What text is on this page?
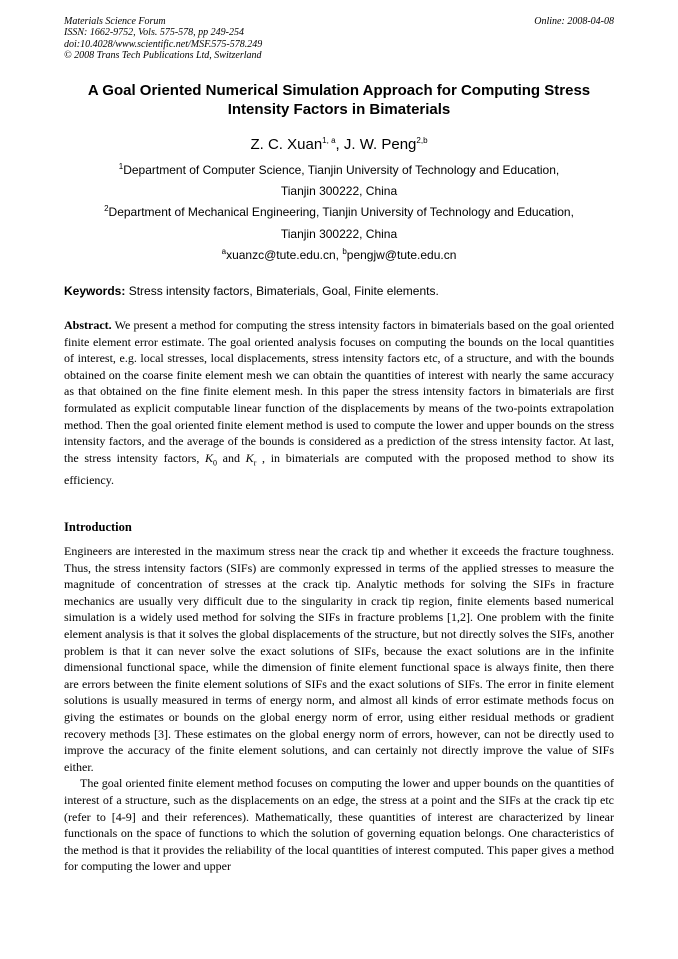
Materials Science Forum
ISSN: 1662-9752, Vols. 575-578, pp 249-254
doi:10.4028/www.scientific.net/MSF.575-578.249
© 2008 Trans Tech Publications Ltd, Switzerland
Online: 2008-04-08
A Goal Oriented Numerical Simulation Approach for Computing Stress Intensity Factors in Bimaterials
Z. C. Xuan$^{1, a}$, J. W. Peng$^{2,b}$
$^1$Department of Computer Science, Tianjin University of Technology and Education,
Tianjin 300222, China
$^2$Department of Mechanical Engineering, Tianjin University of Technology and Education,
Tianjin 300222, China
$^a$xuanzc@tute.edu.cn, $^b$pengjw@tute.edu.cn
Keywords: Stress intensity factors, Bimaterials, Goal, Finite elements.
Abstract. We present a method for computing the stress intensity factors in bimaterials based on the goal oriented finite element error estimate. The goal oriented analysis focuses on computing the bounds on the local quantities of interest, e.g. local stresses, local displacements, stress intensity factors etc, of a structure, and with the bounds obtained on the coarse finite element mesh we can obtain the quantities of interest with nearly the same accuracy as that obtained on the fine finite element mesh. In this paper the stress intensity factors in bimaterials are first formulated as explicit computable linear function of the displacements by means of the two-points extrapolation method. Then the goal oriented finite element method is used to compute the lower and upper bounds on the stress intensity factors, and the average of the bounds is considered as a prediction of the stress intensity factor. At last, the stress intensity factors, $K_0$ and $K_r$ , in bimaterials are computed with the proposed method to show its efficiency.
Introduction

Engineers are interested in the maximum stress near the crack tip and whether it exceeds the fracture toughness. Thus, the stress intensity factors (SIFs) are commonly expressed in terms of the applied stresses to measure the magnitude of concentration of stresses at the crack tip. Analytic methods for solving the SIFs in fracture mechanics are usually very difficult due to the singularity in crack tip region, finite elements based numerical simulation is a widely used method for solving the SIFs in fracture problems [1,2]. One problem with the finite element analysis is that it solves the global displacements of the structure, but not directly solves the SIFs, another problem is that it can never solve the exact solutions of SIFs, because the exact solutions are in the infinite dimensional functional space, while the dimension of finite element functional space is always finite, then there are errors between the finite element solutions of SIFs and the exact solutions of SIFs. The error in finite element solutions is usually measured in terms of energy norm, and almost all kinds of error estimate methods focus on giving the estimates or bounds on the global energy norm of error, using either residual methods or gradient recovery methods [3]. These estimates on the global energy norm of errors, however, can not be directly used to improve the accuracy of the finite element solutions, and can certainly not directly improve the value of SIFs either.

The goal oriented finite element method focuses on computing the lower and upper bounds on the quantities of interest of a structure, such as the displacements on an edge, the stress at a point and the SIFs at the crack tip etc (refer to [4-9] and their references). Mathematically, these quantities of interest are characterized by linear functionals on the space of functions to which the solution of governing equation belongs. One characteristics of the method is that it provides the reliability of the local quantities of interest computed. This paper gives a method for computing the lower and upper
